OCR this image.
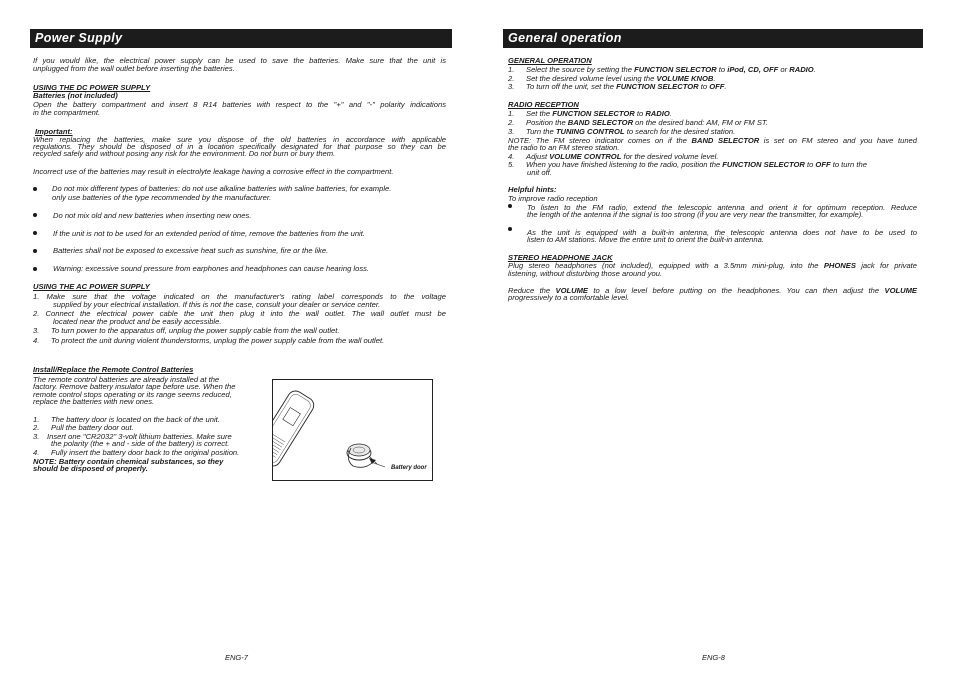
Power Supply
If you would like, the electrical power supply can be used to save the batteries. Make sure that the unit is
unplugged from the wall outlet before inserting the batteries.
USING THE DC POWER SUPPLY
Batteries (not included)
Open the battery compartment and insert 8 R14 batteries with respect to the "+" and "-" polarity indications
in the compartment.
Important:
When replacing the batteries, make sure you dispose of the old batteries in accordance with applicable
regulations. They should be disposed of in a location specifically designated for that purpose so they can be
recycled safely and without posing any risk for the environment. Do not burn or bury them.
Incorrect use of the batteries may result in electrolyte leakage having a corrosive effect in the compartment.
Do not mix different types of batteries: do not use alkaline batteries with saline batteries, for example.
only use batteries of the type recommended by the manufacturer.
Do not mix old and new batteries when inserting new ones.
If the unit is not to be used for an extended period of time, remove the batteries from the unit.
Batteries shall not be exposed to excessive heat such as sunshine, fire or the like.
Warning: excessive sound pressure from earphones and headphones can cause hearing loss.
USING THE AC POWER SUPPLY
1. Make sure that the voltage indicated on the manufacturer's rating label corresponds to the voltage
supplied by your electrical installation. If this is not the case, consult your dealer or service center.
2. Connect the electrical power cable the unit then plug it into the wall outlet. The wall outlet must be
located near the product and be easily accessible.
3. To turn power to the apparatus off, unplug the power supply cable from the wall outlet.
4. To protect the unit during violent thunderstorms, unplug the power supply cable from the wall outlet.
Install/Replace the Remote Control Batteries
The remote control batteries are already installed at the
factory. Remove battery insulator tape before use. When the
remote control stops operating or its range seems reduced,
replace the batteries with new ones.
1. The battery door is located on the back of the unit.
2. Pull the battery door out.
3. Insert one "CR2032" 3-volt lithium batteries. Make sure
the polarity (the + and - side of the battery) is correct.
4. Fully insert the battery door back to the original position.
NOTE: Battery contain chemical substances, so they
should be disposed of properly.	Battery door
ENG-7
General operation
GENERAL OPERATION
1. Select the source by setting the FUNCTION SELECTOR to iPod, CD, OFF or RADIO.
2. Set the desired volume level using the VOLUME KNOB.
3. To turn off the unit, set the FUNCTION SELECTOR to OFF.
RADIO RECEPTION
1. Set the FUNCTION SELECTOR to RADIO.
2. Position the BAND SELECTOR on the desired band: AM, FM or FM ST.
3. Turn the TUNING CONTROL to search for the desired station.
NOTE: The FM stereo indicator comes on if the BAND SELECTOR is set on FM stereo and you have tuned
the radio to an FM stereo station.
4. Adjust VOLUME CONTROL for the desired volume level.
5. When you have finished listening to the radio, position the FUNCTION SELECTOR to OFF to turn the
unit off.
Helpful hints:
To improve radio reception
To listen to the FM radio, extend the telescopic antenna and orient it for optimum reception. Reduce
the length of the antenna if the signal is too strong (if you are very near the transmitter, for example).
As the unit is equipped with a built-in antenna, the telescopic antenna does not have to be used to
listen to AM stations. Move the entire unit to orient the built-in antenna.
STEREO HEADPHONE JACK
Plug stereo headphones (not included), equipped with a 3.5mm mini-plug, into the PHONES jack for private
listening, without disturbing those around you.
Reduce the VOLUME to a low level before putting on the headphones. You can then adjust the VOLUME
progressively to a comfortable level.
ENG-8
